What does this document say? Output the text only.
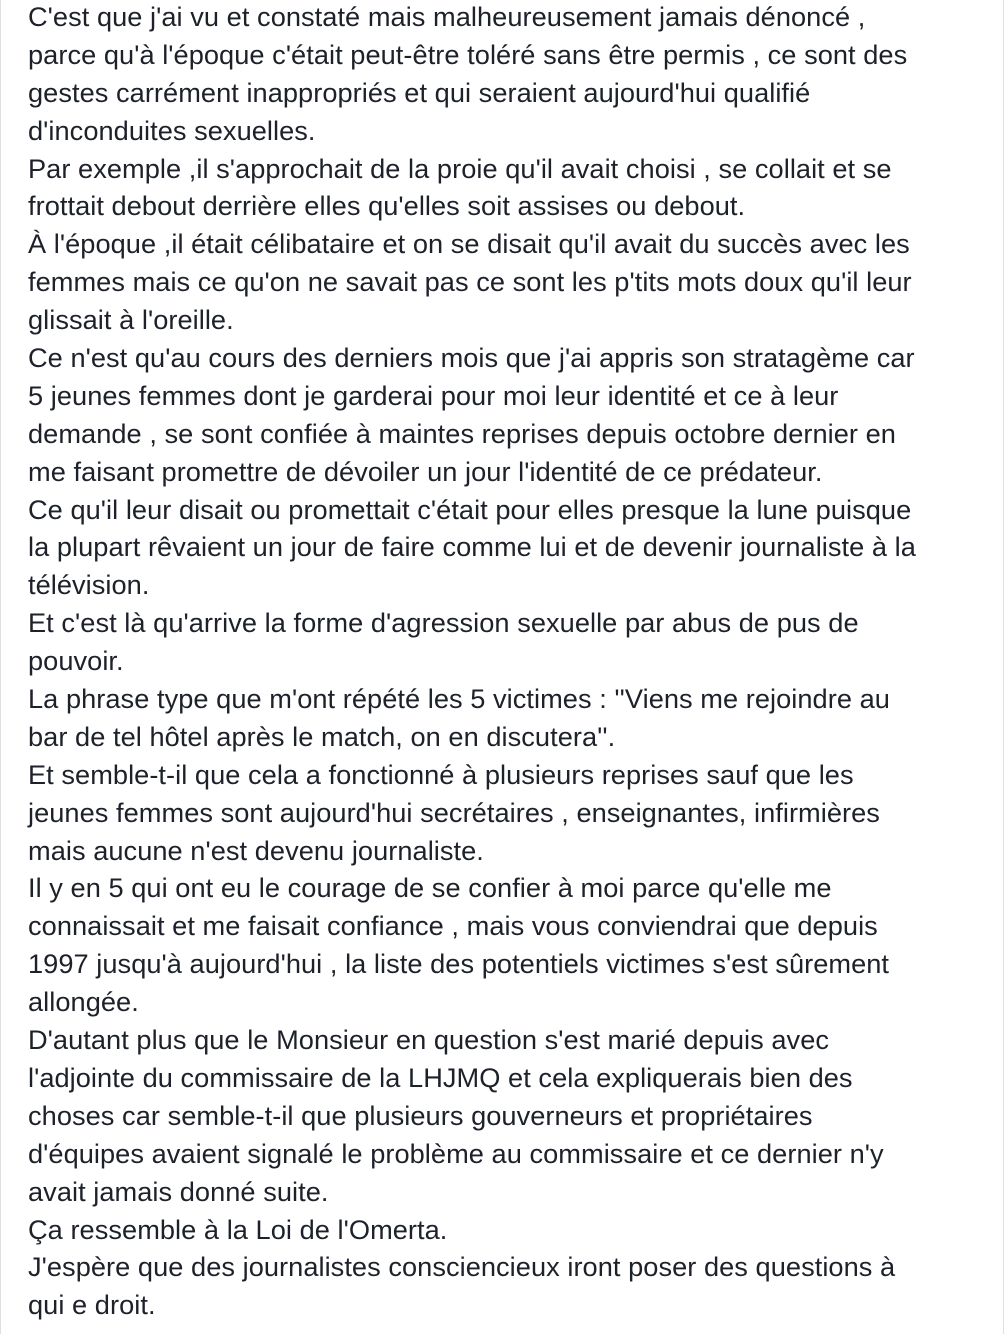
C'est que j'ai vu et constaté mais malheureusement jamais dénoncé ,
parce qu'à l'époque c'était peut-être toléré sans être permis , ce sont des
gestes carrément inappropriés et qui seraient aujourd'hui qualifié
d'inconduites sexuelles.
Par exemple ,il s'approchait de la proie qu'il avait choisi , se collait et se
frottait debout derrière elles qu'elles soit assises ou debout.
À l'époque ,il était célibataire et on se disait qu'il avait du succès avec les
femmes mais ce qu'on ne savait pas ce sont les p'tits mots doux qu'il leur
glissait à l'oreille.
Ce n'est qu'au cours des derniers mois que j'ai appris son stratagème car
5 jeunes femmes dont je garderai pour moi leur identité et ce à leur
demande , se sont confiée à maintes reprises depuis octobre dernier en
me faisant promettre de dévoiler un jour l'identité de ce prédateur.
Ce qu'il leur disait ou promettait c'était pour elles presque la lune puisque
la plupart rêvaient un jour de faire comme lui et de devenir journaliste à la
télévision.
Et c'est là qu'arrive la forme d'agression sexuelle par abus de pus de
pouvoir.
La phrase type que m'ont répété les 5 victimes : ''Viens me rejoindre au
bar de tel hôtel après le match, on en discutera''.
Et semble-t-il que cela a fonctionné à plusieurs reprises sauf que les
jeunes femmes sont aujourd'hui secrétaires , enseignantes, infirmières
mais aucune n'est devenu journaliste.
Il y en 5 qui ont eu le courage de se confier à moi parce qu'elle me
connaissait et me faisait confiance , mais vous conviendrai que depuis
1997 jusqu'à aujourd'hui , la liste des potentiels victimes s'est sûrement
allongée.
D'autant plus que le Monsieur en question s'est marié depuis avec
l'adjointe du commissaire de la LHJMQ et cela expliquerais bien des
choses car semble-t-il que plusieurs gouverneurs et propriétaires
d'équipes avaient signalé le problème au commissaire et ce dernier n'y
avait jamais donné suite.
Ça ressemble à la Loi de l'Omerta.
J'espère que des journalistes consciencieux iront poser des questions à
qui e droit.
